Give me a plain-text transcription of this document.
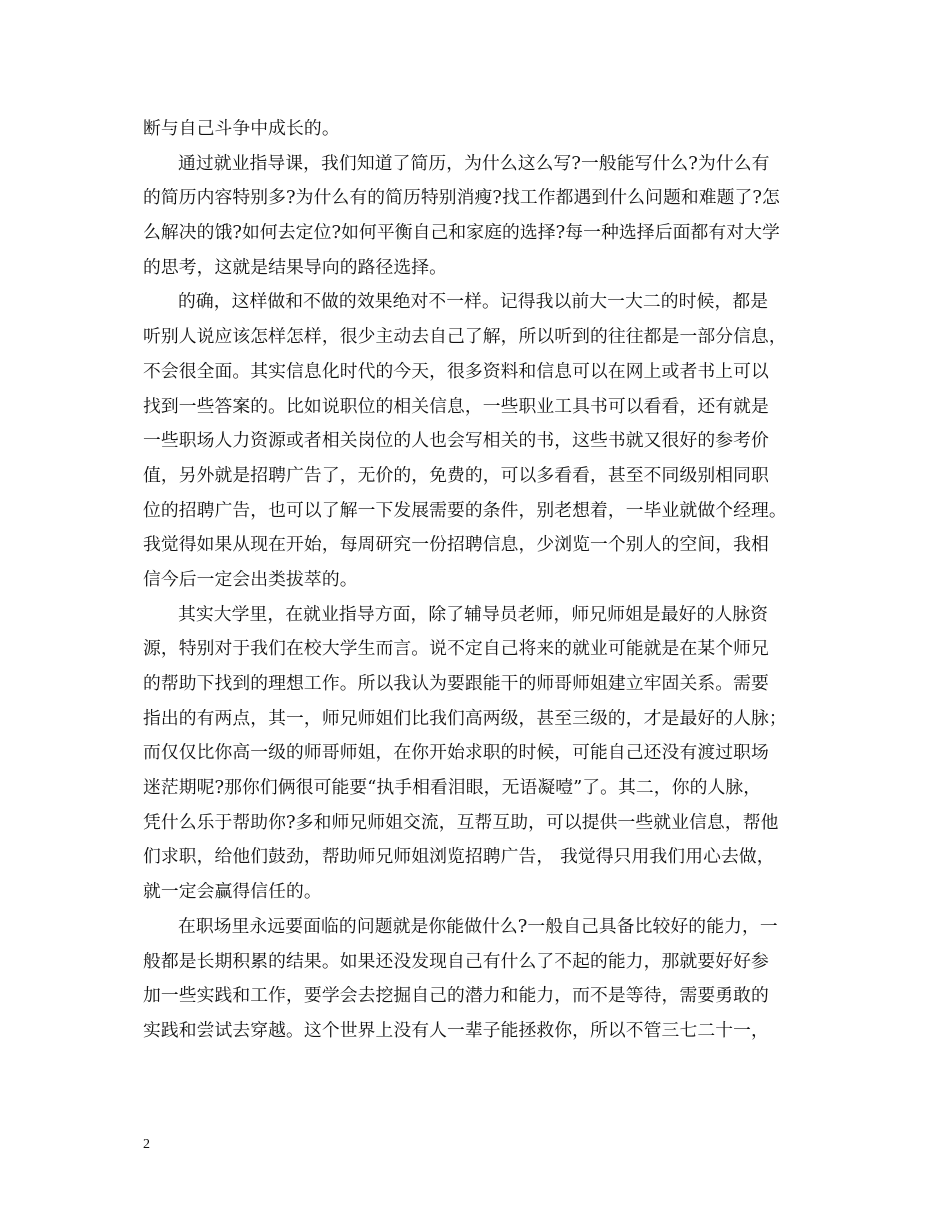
断与自己斗争中成长的。
通过就业指导课，我们知道了简历，为什么这么写?一般能写什么?为什么有
的简历内容特别多?为什么有的简历特别消瘦?找工作都遇到什么问题和难题了?怎
么解决的饿?如何去定位?如何平衡自己和家庭的选择?每一种选择后面都有对大学
的思考，这就是结果导向的路径选择。
的确，这样做和不做的效果绝对不一样。记得我以前大一大二的时候，都是
听别人说应该怎样怎样，很少主动去自己了解，所以听到的往往都是一部分信息，
不会很全面。其实信息化时代的今天，很多资料和信息可以在网上或者书上可以
找到一些答案的。比如说职位的相关信息，一些职业工具书可以看看，还有就是
一些职场人力资源或者相关岗位的人也会写相关的书，这些书就又很好的参考价
值，另外就是招聘广告了，无价的，免费的，可以多看看，甚至不同级别相同职
位的招聘广告，也可以了解一下发展需要的条件，别老想着，一毕业就做个经理。
我觉得如果从现在开始，每周研究一份招聘信息，少浏览一个别人的空间，我相
信今后一定会出类拔萃的。
其实大学里，在就业指导方面，除了辅导员老师，师兄师姐是最好的人脉资
源，特别对于我们在校大学生而言。说不定自己将来的就业可能就是在某个师兄
的帮助下找到的理想工作。所以我认为要跟能干的师哥师姐建立牢固关系。需要
指出的有两点，其一，师兄师姐们比我们高两级，甚至三级的，才是最好的人脉；
而仅仅比你高一级的师哥师姐，在你开始求职的时候，可能自己还没有渡过职场
迷茫期呢?那你们俩很可能要“执手相看泪眼，无语凝噎”了。其二，你的人脉，
凭什么乐于帮助你?多和师兄师姐交流，互帮互助，可以提供一些就业信息，帮他
们求职，给他们鼓劲，帮助师兄师姐浏览招聘广告， 我觉得只用我们用心去做，
就一定会赢得信任的。
在职场里永远要面临的问题就是你能做什么?一般自己具备比较好的能力，一
般都是长期积累的结果。如果还没发现自己有什么了不起的能力，那就要好好参
加一些实践和工作，要学会去挖掘自己的潜力和能力，而不是等待，需要勇敢的
实践和尝试去穿越。这个世界上没有人一辈子能拯救你，所以不管三七二十一，
2
